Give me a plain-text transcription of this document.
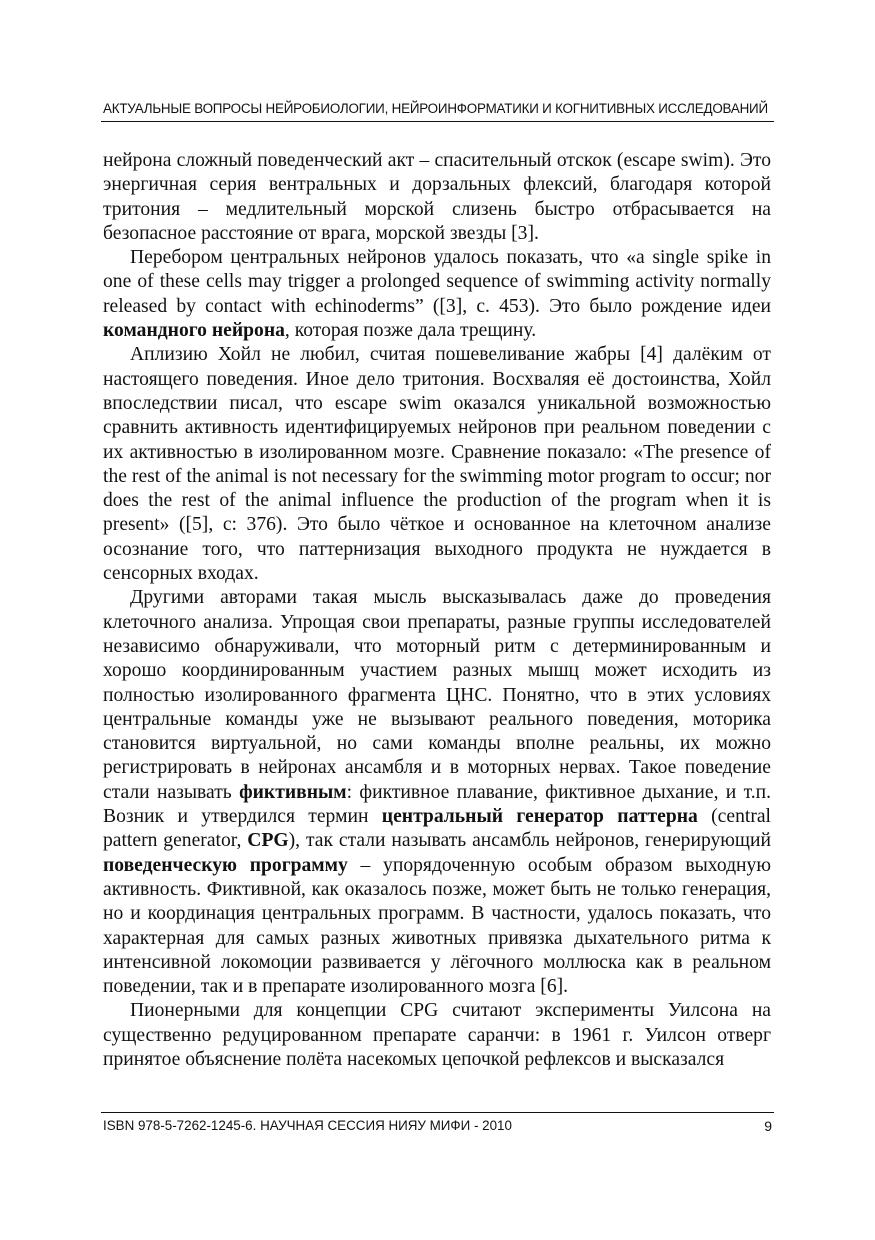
АКТУАЛЬНЫЕ ВОПРОСЫ НЕЙРОБИОЛОГИИ, НЕЙРОИНФОРМАТИКИ И КОГНИТИВНЫХ ИССЛЕДОВАНИЙ

нейрона сложный поведенческий акт – спасительный отскок (escape swim). Это энергичная серия вентральных и дорзальных флексий, благодаря которой тритония – медлительный морской слизень быстро отбрасывается на безопасное расстояние от врага, морской звезды [3].

Перебором центральных нейронов удалось показать, что «a single spike in one of these cells may trigger a prolonged sequence of swimming activity normally released by contact with echinoderms” ([3], с. 453). Это было рождение идеи командного нейрона, которая позже дала трещину.

Аплизию Хойл не любил, считая пошевеливание жабры [4] далёким от настоящего поведения. Иное дело тритония. Восхваляя её достоинства, Хойл впоследствии писал, что escape swim оказался уникальной возможностью сравнить активность идентифицируемых нейронов при реальном поведении с их активностью в изолированном мозге. Сравнение показало: «The presence of the rest of the animal is not necessary for the swimming motor program to occur; nor does the rest of the animal influence the production of the program when it is present» ([5], с: 376). Это было чёткое и основанное на клеточном анализе осознание того, что паттернизация выходного продукта не нуждается в сенсорных входах.

Другими авторами такая мысль высказывалась даже до проведения клеточного анализа. Упрощая свои препараты, разные группы исследователей независимо обнаруживали, что моторный ритм с детерминированным и хорошо координированным участием разных мышц может исходить из полностью изолированного фрагмента ЦНС. Понятно, что в этих условиях центральные команды уже не вызывают реального поведения, моторика становится виртуальной, но сами команды вполне реальны, их можно регистрировать в нейронах ансамбля и в моторных нервах. Такое поведение стали называть фиктивным: фиктивное плавание, фиктивное дыхание, и т.п. Возник и утвердился термин центральный генератор паттерна (central pattern generator, CPG), так стали называть ансамбль нейронов, генерирующий поведенческую программу – упорядоченную особым образом выходную активность. Фиктивной, как оказалось позже, может быть не только генерация, но и координация центральных программ. В частности, удалось показать, что характерная для самых разных животных привязка дыхательного ритма к интенсивной локомоции развивается у лёгочного моллюска как в реальном поведении, так и в препарате изолированного мозга [6].

Пионерными для концепции CPG считают эксперименты Уилсона на существенно редуцированном препарате саранчи: в 1961 г. Уилсон отверг принятое объяснение полёта насекомых цепочкой рефлексов и высказался

ISBN 978-5-7262-1245-6. НАУЧНАЯ СЕССИЯ НИЯУ МИФИ - 2010	9
